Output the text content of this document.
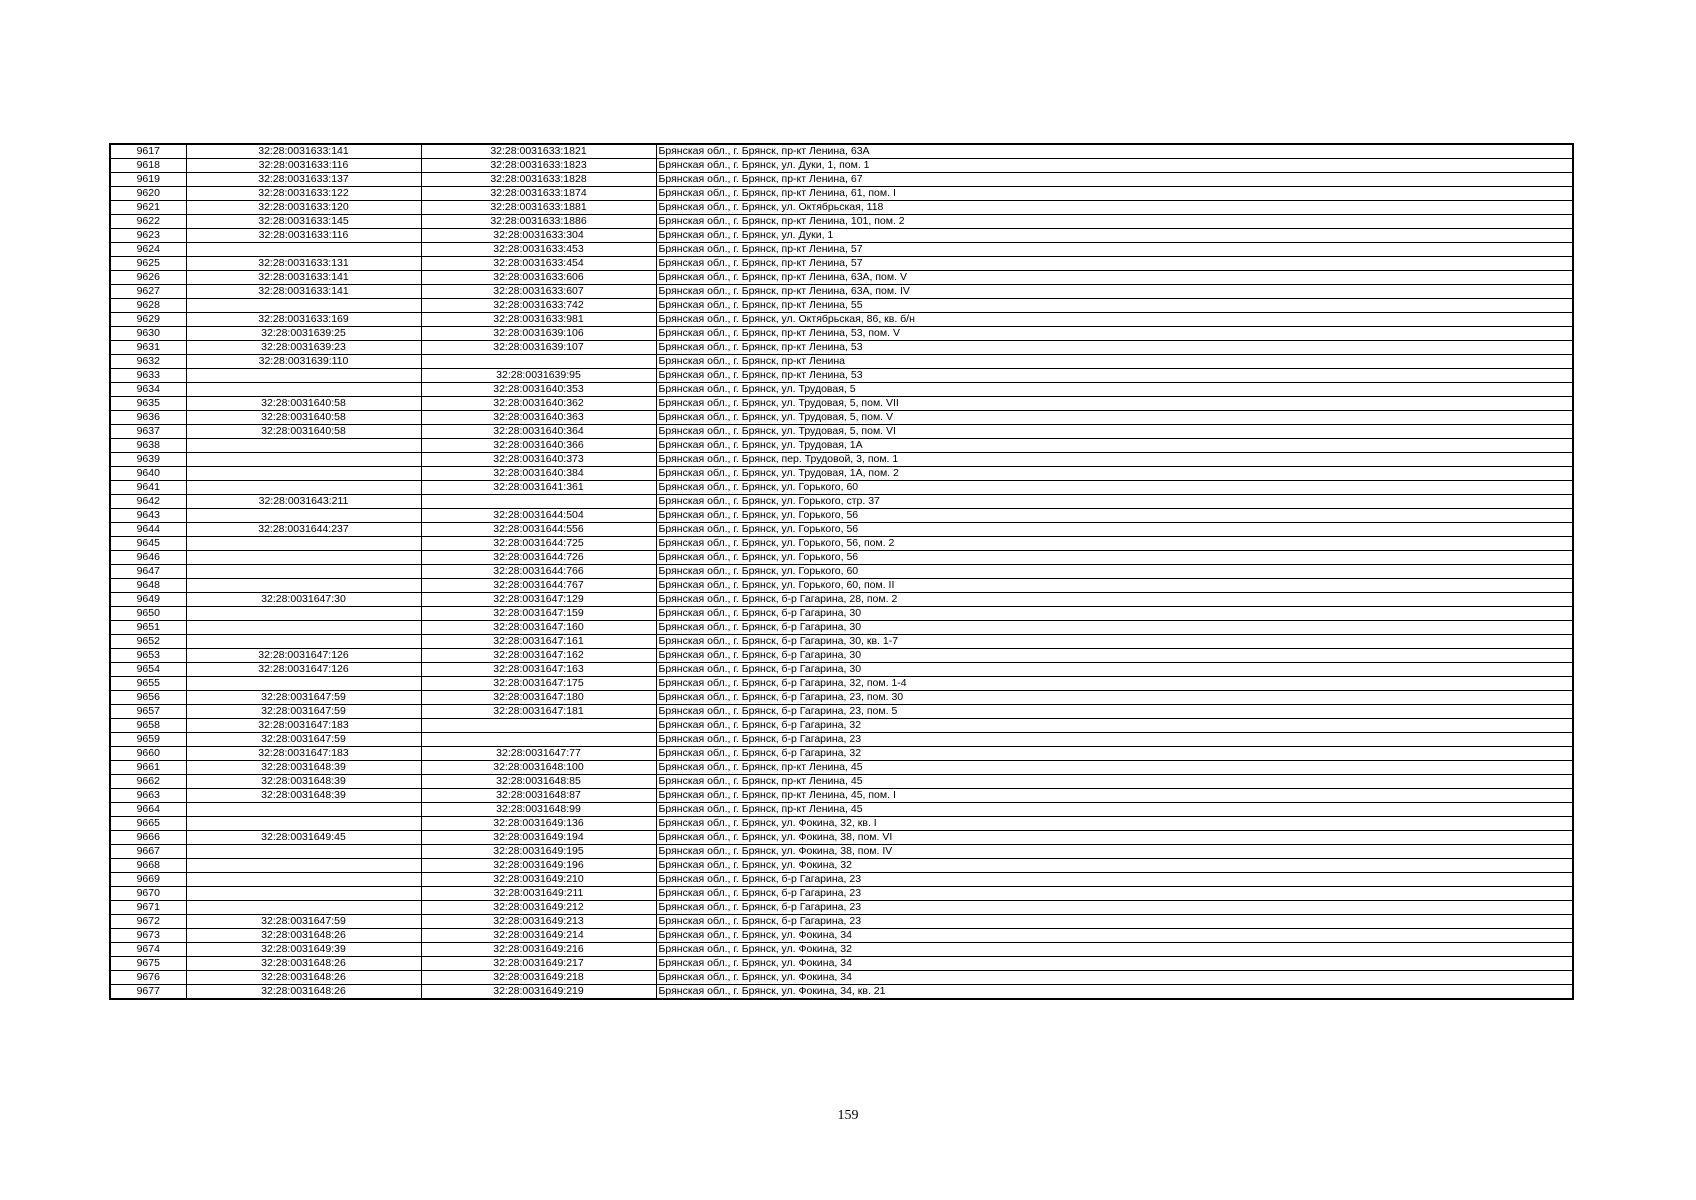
9617	32:28:0031633:141	32:28:0031633:1821	Брянская обл., г. Брянск, пр-кт Ленина, 63А
9618	32:28:0031633:116	32:28:0031633:1823	Брянская обл., г. Брянск, ул. Дуки, 1, пом. 1
9619	32:28:0031633:137	32:28:0031633:1828	Брянская обл., г. Брянск, пр-кт Ленина, 67
9620	32:28:0031633:122	32:28:0031633:1874	Брянская обл., г. Брянск, пр-кт Ленина, 61, пом. I
9621	32:28:0031633:120	32:28:0031633:1881	Брянская обл., г. Брянск, ул. Октябрьская, 118
9622	32:28:0031633:145	32:28:0031633:1886	Брянская обл., г. Брянск, пр-кт Ленина, 101, пом. 2
9623	32:28:0031633:116	32:28:0031633:304	Брянская обл., г. Брянск, ул. Дуки, 1
9624		32:28:0031633:453	Брянская обл., г. Брянск, пр-кт Ленина, 57
9625	32:28:0031633:131	32:28:0031633:454	Брянская обл., г. Брянск, пр-кт Ленина, 57
9626	32:28:0031633:141	32:28:0031633:606	Брянская обл., г. Брянск, пр-кт Ленина, 63А, пом. V
9627	32:28:0031633:141	32:28:0031633:607	Брянская обл., г. Брянск, пр-кт Ленина, 63А, пом. IV
9628		32:28:0031633:742	Брянская обл., г. Брянск, пр-кт Ленина, 55
9629	32:28:0031633:169	32:28:0031633:981	Брянская обл., г. Брянск, ул. Октябрьская, 86, кв. б/н
9630	32:28:0031639:25	32:28:0031639:106	Брянская обл., г. Брянск, пр-кт Ленина, 53, пом. V
9631	32:28:0031639:23	32:28:0031639:107	Брянская обл., г. Брянск, пр-кт Ленина, 53
9632	32:28:0031639:110		Брянская обл., г. Брянск, пр-кт Ленина
9633		32:28:0031639:95	Брянская обл., г. Брянск, пр-кт Ленина, 53
9634		32:28:0031640:353	Брянская обл., г. Брянск, ул. Трудовая, 5
9635	32:28:0031640:58	32:28:0031640:362	Брянская обл., г. Брянск, ул. Трудовая, 5, пом. VII
9636	32:28:0031640:58	32:28:0031640:363	Брянская обл., г. Брянск, ул. Трудовая, 5, пом. V
9637	32:28:0031640:58	32:28:0031640:364	Брянская обл., г. Брянск, ул. Трудовая, 5, пом. VI
9638		32:28:0031640:366	Брянская обл., г. Брянск, ул. Трудовая, 1А
9639		32:28:0031640:373	Брянская обл., г. Брянск, пер. Трудовой, 3, пом. 1
9640		32:28:0031640:384	Брянская обл., г. Брянск, ул. Трудовая, 1А, пом. 2
9641		32:28:0031641:361	Брянская обл., г. Брянск, ул. Горького, 60
9642	32:28:0031643:211		Брянская обл., г. Брянск, ул. Горького, стр. 37
9643		32:28:0031644:504	Брянская обл., г. Брянск, ул. Горького, 56
9644	32:28:0031644:237	32:28:0031644:556	Брянская обл., г. Брянск, ул. Горького, 56
9645		32:28:0031644:725	Брянская обл., г. Брянск, ул. Горького, 56, пом. 2
9646		32:28:0031644:726	Брянская обл., г. Брянск, ул. Горького, 56
9647		32:28:0031644:766	Брянская обл., г. Брянск, ул. Горького, 60
9648		32:28:0031644:767	Брянская обл., г. Брянск, ул. Горького, 60, пом. II
9649	32:28:0031647:30	32:28:0031647:129	Брянская обл., г. Брянск, б-р Гагарина, 28, пом. 2
9650		32:28:0031647:159	Брянская обл., г. Брянск, б-р Гагарина, 30
9651		32:28:0031647:160	Брянская обл., г. Брянск, б-р Гагарина, 30
9652		32:28:0031647:161	Брянская обл., г. Брянск, б-р Гагарина, 30, кв. 1-7
9653	32:28:0031647:126	32:28:0031647:162	Брянская обл., г. Брянск, б-р Гагарина, 30
9654	32:28:0031647:126	32:28:0031647:163	Брянская обл., г. Брянск, б-р Гагарина, 30
9655		32:28:0031647:175	Брянская обл., г. Брянск, б-р Гагарина, 32, пом. 1-4
9656	32:28:0031647:59	32:28:0031647:180	Брянская обл., г. Брянск, б-р Гагарина, 23, пом. 30
9657	32:28:0031647:59	32:28:0031647:181	Брянская обл., г. Брянск, б-р Гагарина, 23, пом. 5
9658	32:28:0031647:183		Брянская обл., г. Брянск, б-р Гагарина, 32
9659	32:28:0031647:59		Брянская обл., г. Брянск, б-р Гагарина, 23
9660	32:28:0031647:183	32:28:0031647:77	Брянская обл., г. Брянск, б-р Гагарина, 32
9661	32:28:0031648:39	32:28:0031648:100	Брянская обл., г. Брянск, пр-кт Ленина, 45
9662	32:28:0031648:39	32:28:0031648:85	Брянская обл., г. Брянск, пр-кт Ленина, 45
9663	32:28:0031648:39	32:28:0031648:87	Брянская обл., г. Брянск, пр-кт Ленина, 45, пом. I
9664		32:28:0031648:99	Брянская обл., г. Брянск, пр-кт Ленина, 45
9665		32:28:0031649:136	Брянская обл., г. Брянск, ул. Фокина, 32, кв. I
9666	32:28:0031649:45	32:28:0031649:194	Брянская обл., г. Брянск, ул. Фокина, 38, пом. VI
9667		32:28:0031649:195	Брянская обл., г. Брянск, ул. Фокина, 38, пом. IV
9668		32:28:0031649:196	Брянская обл., г. Брянск, ул. Фокина, 32
9669		32:28:0031649:210	Брянская обл., г. Брянск, б-р Гагарина, 23
9670		32:28:0031649:211	Брянская обл., г. Брянск, б-р Гагарина, 23
9671		32:28:0031649:212	Брянская обл., г. Брянск, б-р Гагарина, 23
9672	32:28:0031647:59	32:28:0031649:213	Брянская обл., г. Брянск, б-р Гагарина, 23
9673	32:28:0031648:26	32:28:0031649:214	Брянская обл., г. Брянск, ул. Фокина, 34
9674	32:28:0031649:39	32:28:0031649:216	Брянская обл., г. Брянск, ул. Фокина, 32
9675	32:28:0031648:26	32:28:0031649:217	Брянская обл., г. Брянск, ул. Фокина, 34
9676	32:28:0031648:26	32:28:0031649:218	Брянская обл., г. Брянск, ул. Фокина, 34
9677	32:28:0031648:26	32:28:0031649:219	Брянская обл., г. Брянск, ул. Фокина, 34, кв. 21
159
